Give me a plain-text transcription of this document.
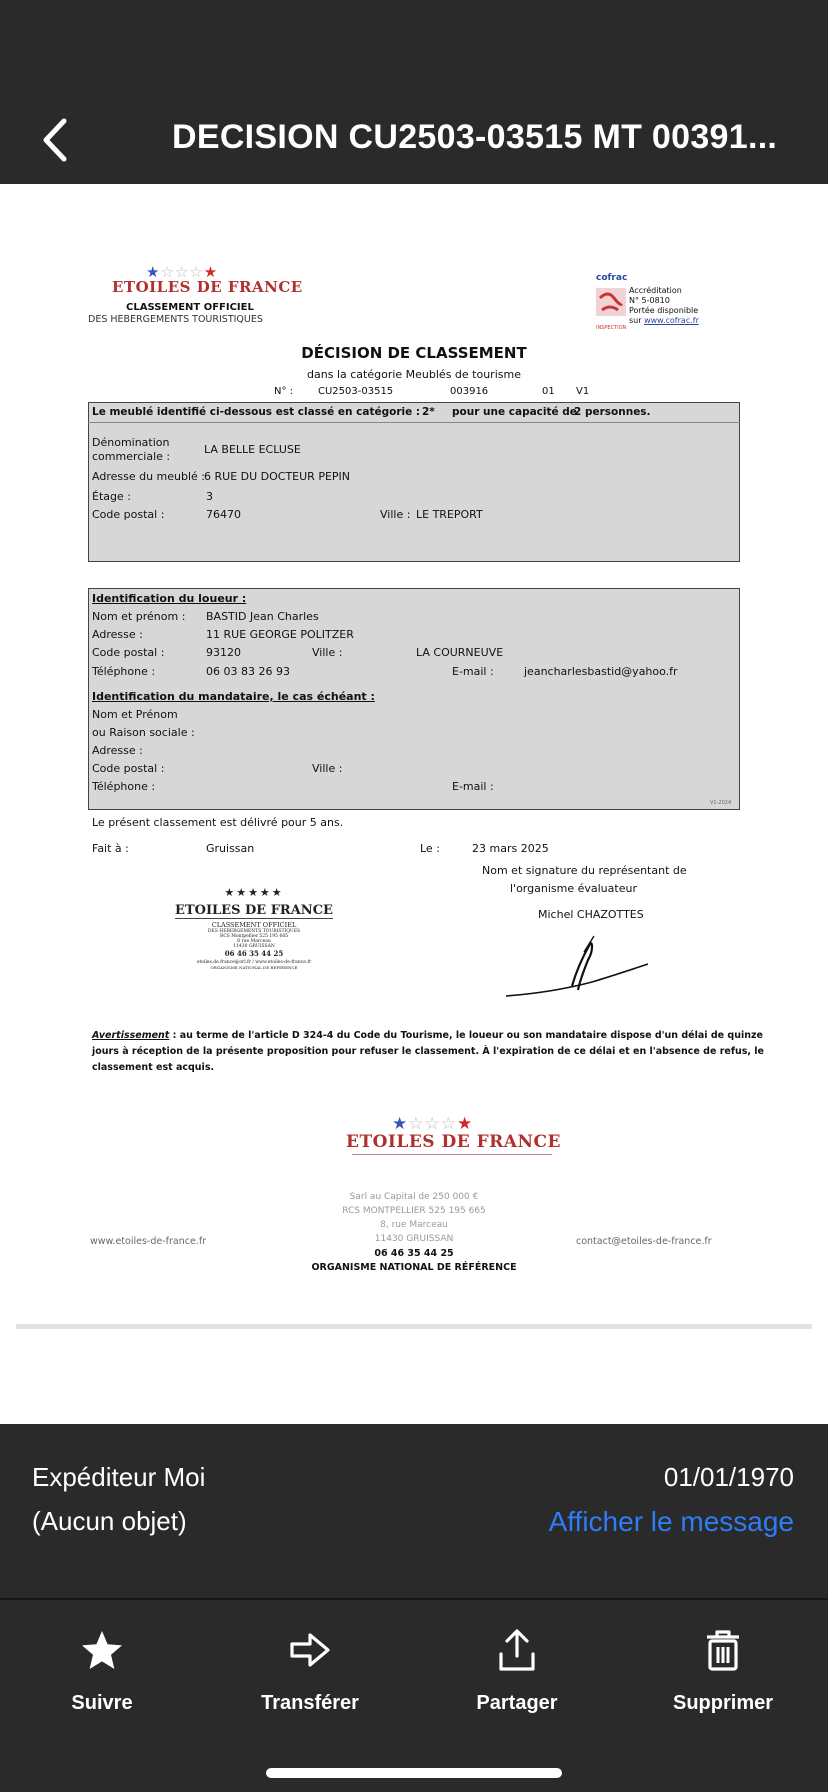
DECISION CU2503-03515 MT 00391...
★☆☆☆★
ETOILES DE FRANCE
CLASSEMENT OFFICIEL
DES HEBERGEMENTS TOURISTIQUES
cofrac
Accréditation
N° 5-0810
Portée disponible
sur www.cofrac.fr
INSPECTION
DÉCISION DE CLASSEMENT
dans la catégorie Meublés de tourisme
N° : CU2503-03515	003916	01 V1
Le meublé identifié ci-dessous est classé en catégorie : 2* pour une capacité de
2 personnes.
Dénomination
commerciale :
LA BELLE ECLUSE
Adresse du meublé :
6 RUE DU DOCTEUR PEPIN
Étage :	3
Code postal :	76470	Ville : LE TREPORT
Identification du loueur :
Nom et prénom : BASTID Jean Charles
Adresse :	11 RUE GEORGE POLITZER
Code postal :	93120	Ville :	LA COURNEUVE
Téléphone :	06 03 83 26 93	E-mail :	jeancharlesbastid@yahoo.fr
Identification du mandataire, le cas échéant :
Nom et Prénom
ou Raison sociale :
Adresse :
Code postal :	Ville :
Téléphone :	E-mail :
V1-2024
Le présent classement est délivré pour 5 ans.
Fait à :	Gruissan	Le :	23 mars 2025
Nom et signature du représentant de
l'organisme évaluateur
Michel CHAZOTTES
★★★★★
ETOILES DE FRANCE
CLASSEMENT OFFICIEL
DES HEBERGEMENTS TOURISTIQUES
RCS Montpellier 525 195 665
8 rue Marceau
11430 GRUISSAN
06 46 35 44 25
etoiles.de.france@orl.fr / www.etoiles-de-france.fr
ORGANISME NATIONAL DE REFERENCE
Avertissement : au terme de l'article D 324-4 du Code du Tourisme, le loueur ou son mandataire dispose d'un délai de quinze
jours à réception de la présente proposition pour refuser le classement. À l'expiration de ce délai et en l'absence de refus, le
classement est acquis.
★☆☆☆★
ETOILES DE FRANCE
Sarl au Capital de 250 000 €
RCS MONTPELLIER 525 195 665
8, rue Marceau
11430 GRUISSAN
06 46 35 44 25
ORGANISME NATIONAL DE RÉFÉRENCE
www.etoiles-de-france.fr	contact@etoiles-de-france.fr
Expéditeur Moi
(Aucun objet)
01/01/1970
Afficher le message
Suivre	Transférer	Partager	Supprimer
